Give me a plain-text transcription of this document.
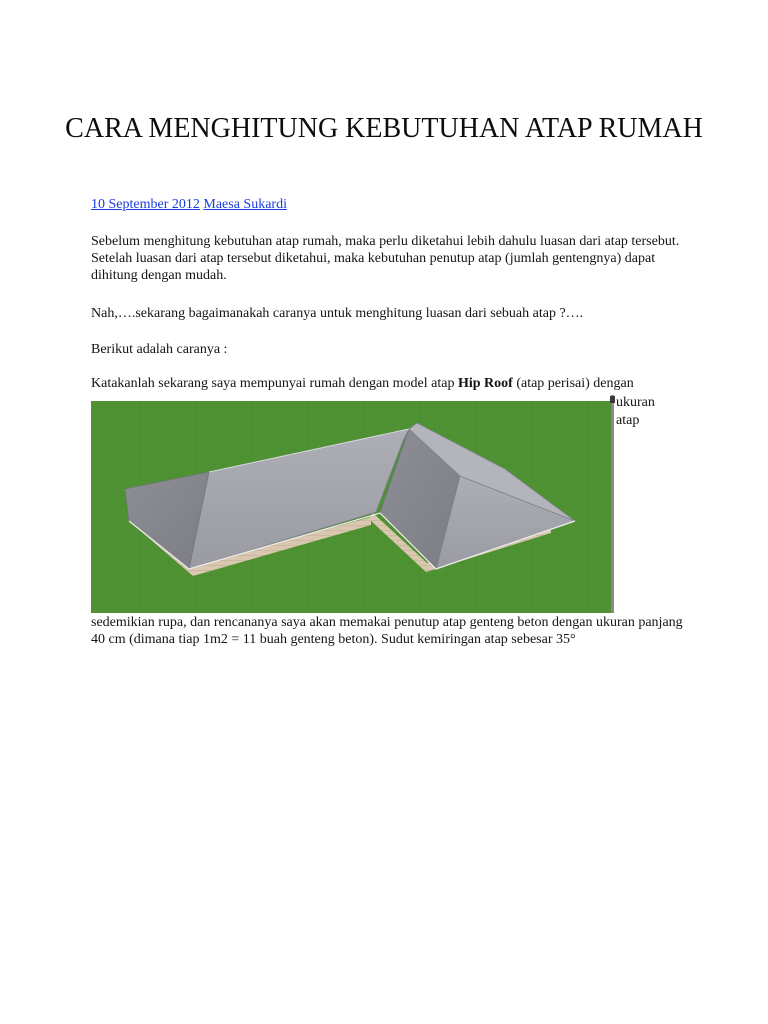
CARA MENGHITUNG KEBUTUHAN ATAP RUMAH
10 September 2012 Maesa Sukardi

Sebelum menghitung kebutuhan atap rumah, maka perlu diketahui lebih dahulu luasan dari atap tersebut. Setelah luasan dari atap tersebut diketahui, maka kebutuhan penutup atap (jumlah gentengnya) dapat dihitung dengan mudah.

Nah,….sekarang bagaimanakah caranya untuk menghitung luasan dari sebuah atap ?….

Berikut adalah caranya :

Katakanlah sekarang saya mempunyai rumah dengan model atap Hip Roof (atap perisai) dengan

ukuran
atap

sedemikian rupa, dan rencananya saya akan memakai penutup atap genteng beton dengan ukuran panjang 40 cm (dimana tiap 1m2 = 11 buah genteng beton). Sudut kemiringan atap sebesar 35°
